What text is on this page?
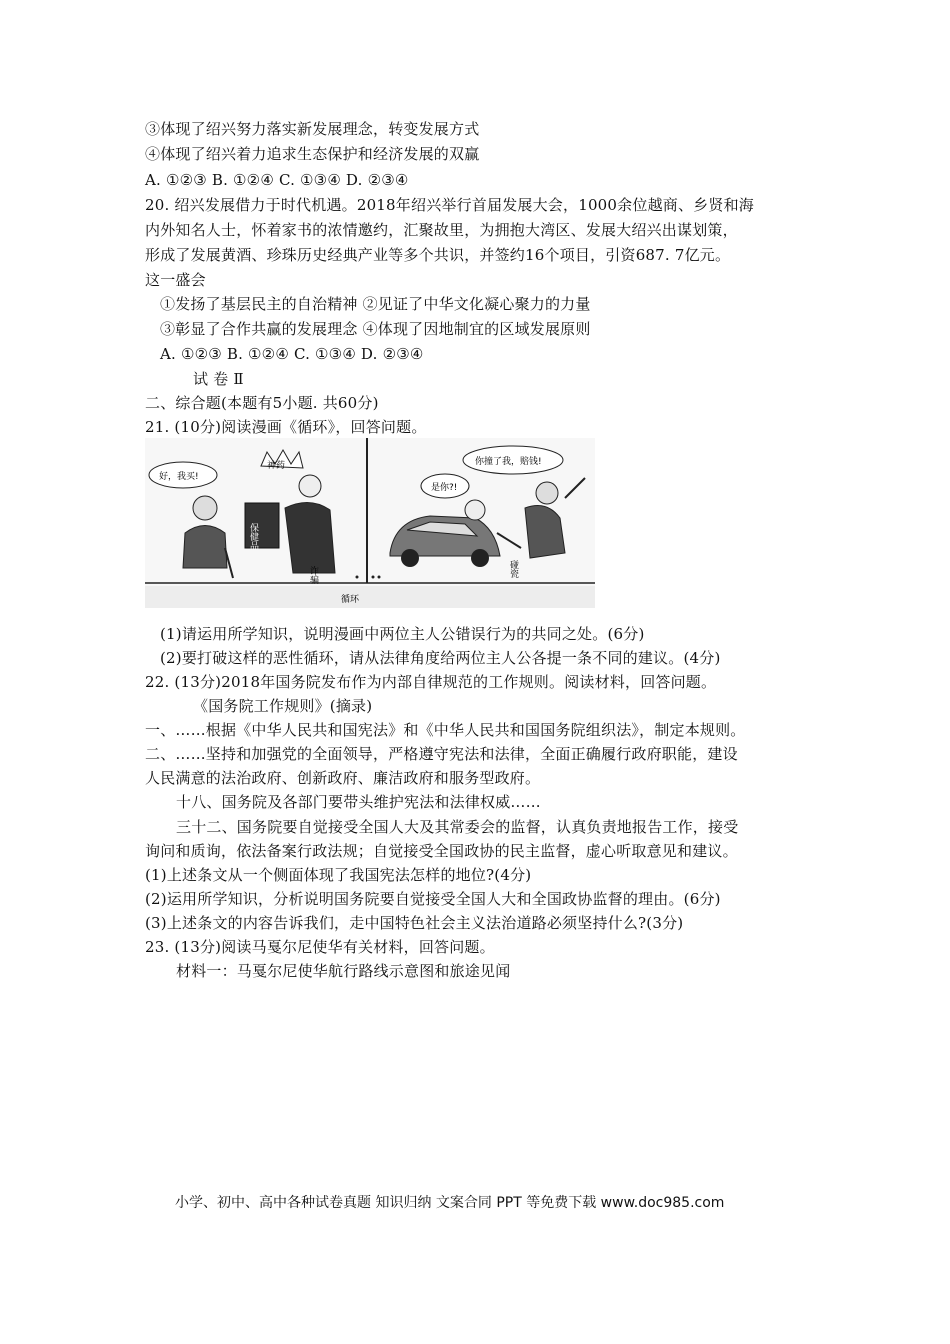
③体现了绍兴努力落实新发展理念，转变发展方式
④体现了绍兴着力追求生态保护和经济发展的双赢
A. ①②③ B. ①②④ C. ①③④ D. ②③④
20. 绍兴发展借力于时代机遇。2018年绍兴举行首届发展大会，1000余位越商、乡贤和海
内外知名人士，怀着家书的浓情邀约，汇聚故里，为拥抱大湾区、发展大绍兴出谋划策，
形成了发展黄酒、珍珠历史经典产业等多个共识，并签约16个项目，引资687. 7亿元。
这一盛会
①发扬了基层民主的自治精神 ②见证了中华文化凝心聚力的力量
③彰显了合作共赢的发展理念 ④体现了因地制宜的区域发展原则
A. ①②③ B. ①②④ C. ①③④ D. ②③④
试 卷 Ⅱ
二、综合题(本题有5小题. 共60分)
21. (10分)阅读漫画《循环》，回答问题。
好，我买!
神药
保健品
诈骗
是你?!
你撞了我，赔钱!
碰瓷
循环
(1)请运用所学知识，说明漫画中两位主人公错误行为的共同之处。(6分)
(2)要打破这样的恶性循环，请从法律角度给两位主人公各提一条不同的建议。(4分)
22. (13分)2018年国务院发布作为内部自律规范的工作规则。阅读材料，回答问题。
《国务院工作规则》(摘录)
一、……根据《中华人民共和国宪法》和《中华人民共和国国务院组织法》，制定本规则。
二、……坚持和加强党的全面领导，严格遵守宪法和法律，全面正确履行政府职能，建设
人民满意的法治政府、创新政府、廉洁政府和服务型政府。
十八、国务院及各部门要带头维护宪法和法律权威……
三十二、国务院要自觉接受全国人大及其常委会的监督，认真负责地报告工作，接受
询问和质询，依法备案行政法规；自觉接受全国政协的民主监督，虚心听取意见和建议。
(1)上述条文从一个侧面体现了我国宪法怎样的地位?(4分)
(2)运用所学知识，分析说明国务院要自觉接受全国人大和全国政协监督的理由。(6分)
(3)上述条文的内容告诉我们，走中国特色社会主义法治道路必须坚持什么?(3分)
23. (13分)阅读马戛尔尼使华有关材料，回答问题。
材料一：马戛尔尼使华航行路线示意图和旅途见闻
小学、初中、高中各种试卷真题 知识归纳 文案合同 PPT 等免费下载 www.doc985.com
